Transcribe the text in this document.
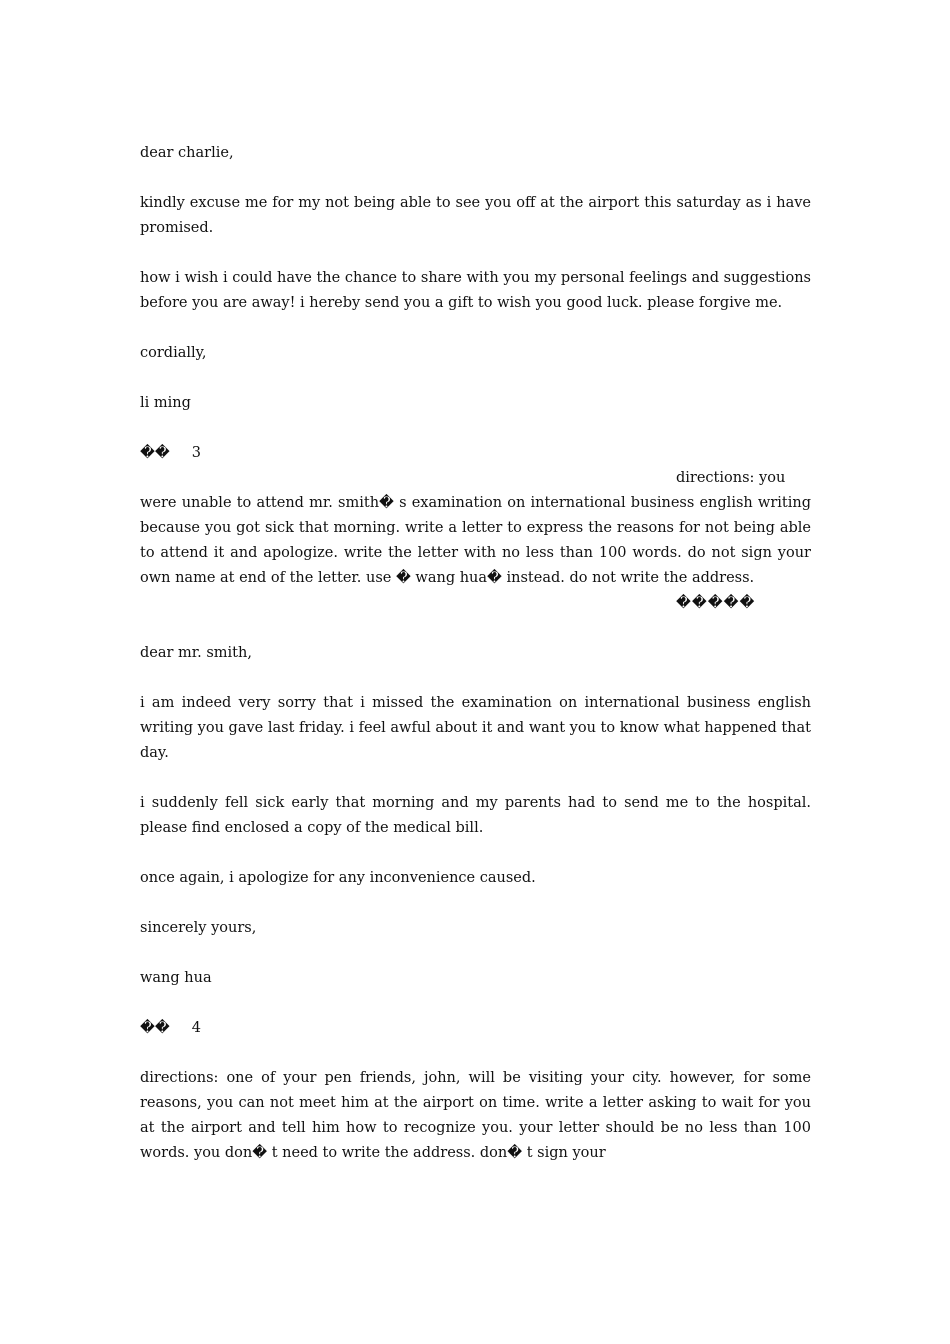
dear charlie,

kindly excuse me for my not being able to see you off at the airport this saturday as i have promised.

how i wish i could have the chance to share with you my personal feelings and suggestions before you are away! i hereby send you a gift to wish you good luck. please forgive me.

cordially,

li ming

�� 3

directions: you

were unable to attend mr. smith� s examination on international business english writing because you got sick that morning. write a letter to express the reasons for not being able to attend it and apologize. write the letter with no less than 100 words. do not sign your own name at end of the letter. use � wang hua� instead. do not write the address.

�����

dear mr. smith,

i am indeed very sorry that i missed the examination on international business english writing you gave last friday. i feel awful about it and want you to know what happened that day.

i suddenly fell sick early that morning and my parents had to send me to the hospital. please find enclosed a copy of the medical bill.

once again, i apologize for any inconvenience caused.

sincerely yours,

wang hua

�� 4

directions: one of your pen friends, john, will be visiting your city. however, for some reasons, you can not meet him at the airport on time. write a letter asking to wait for you at the airport and tell him how to recognize you. your letter should be no less than 100 words. you don� t need to write the address. don� t sign your
